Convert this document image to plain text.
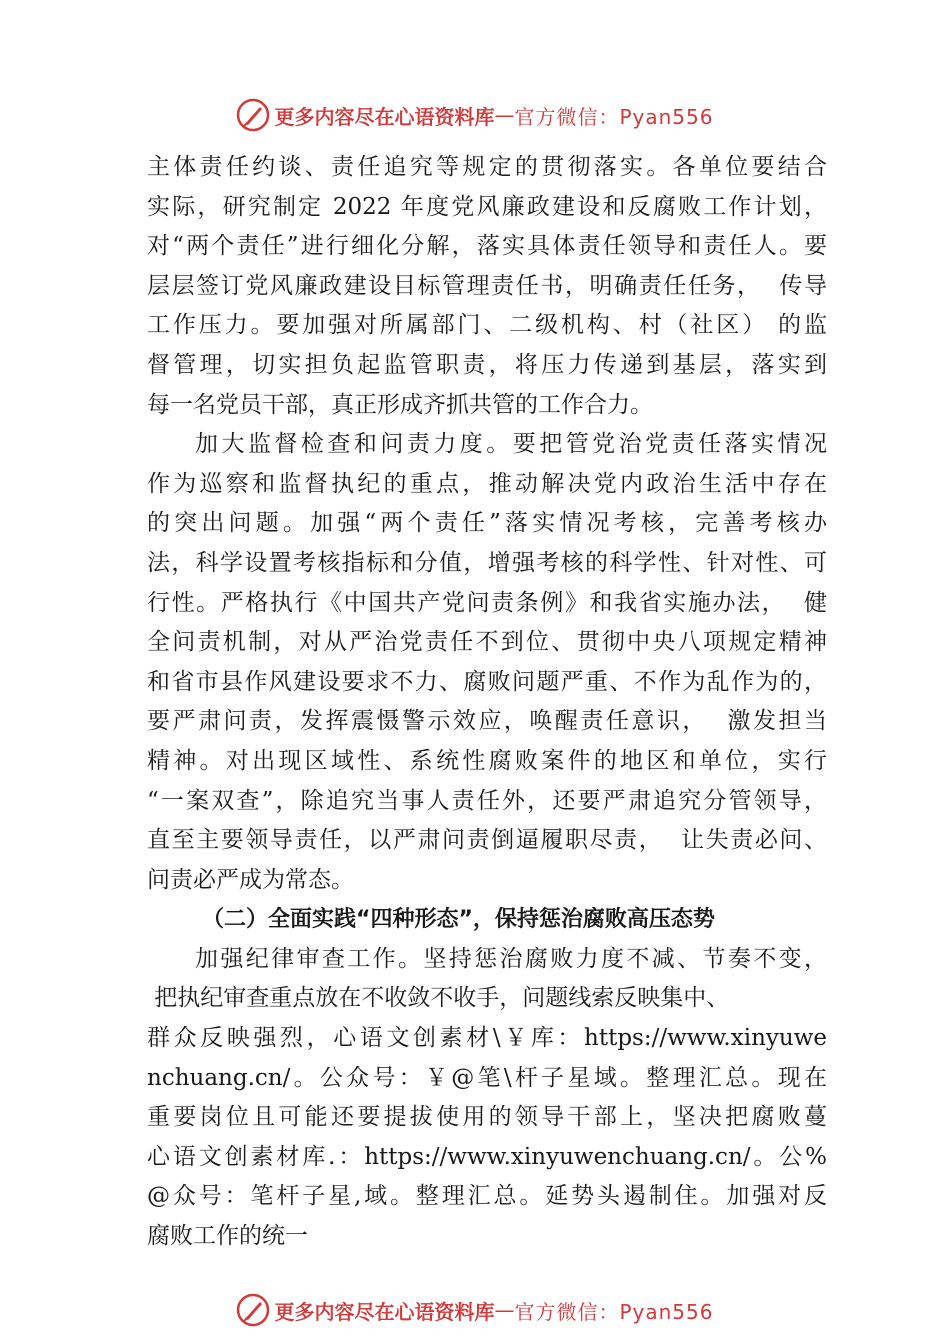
更多内容尽在心语资料库 — 官方微信：Pyan556
主体责任约谈、责任追究等规定的贯彻落实。各单位要结合
实际，研究制定 2022 年度党风廉政建设和反腐败工作计划，
对“两个责任”进行细化分解，落实具体责任领导和责任人。要
层层签订党风廉政建设目标管理责任书，明确责任任务，  传导
工作压力。要加强对所属部门、二级机构、村（社区） 的监
督管理，切实担负起监管职责，将压力传递到基层，落实到
每一名党员干部，真正形成齐抓共管的工作合力。
加大监督检查和问责力度。要把管党治党责任落实情况
作为巡察和监督执纪的重点，推动解决党内政治生活中存在
的突出问题。加强“两个责任”落实情况考核，完善考核办
法，科学设置考核指标和分值，增强考核的科学性、针对性、可
行性。严格执行《中国共产党问责条例》和我省实施办法，  健
全问责机制，对从严治党责任不到位、贯彻中央八项规定精神
和省市县作风建设要求不力、腐败问题严重、不作为乱作为的，
要严肃问责，发挥震慑警示效应，唤醒责任意识，  激发担当
精神。对出现区域性、系统性腐败案件的地区和单位，实行
“一案双查”，除追究当事人责任外，还要严肃追究分管领导，
直至主要领导责任，以严肃问责倒逼履职尽责，  让失责必问、
问责必严成为常态。
（二）全面实践“四种形态”，保持惩治腐败高压态势
加强纪律审查工作。坚持惩治腐败力度不减、节奏不变，
把执纪审查重点放在不收敛不收手，问题线索反映集中、
群众反映强烈，心语文创素材\￥库：https://www.xinyuwe
nchuang.cn/。公众号：￥@笔\杆子星域。整理汇总。现在
重要岗位且可能还要提拔使用的领导干部上，坚决把腐败蔓
心语文创素材库.：https://www.xinyuwenchuang.cn/。公%
@众号：笔杆子星,域。整理汇总。延势头遏制住。加强对反
腐败工作的统一
更多内容尽在心语资料库 — 官方微信：Pyan556
